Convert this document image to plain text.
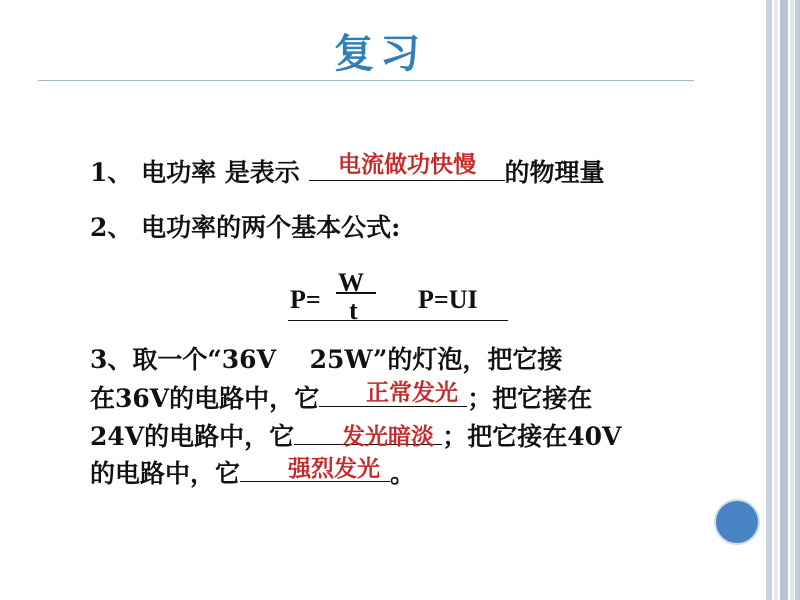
复习
1、 电功率 是表示	的物理量
电流做功快慢
2、 电功率的两个基本公式:
P=
W
t P=UI
3、取一个“36V　 25W”的灯泡，把它接
在36V的电路中，它	；把它接在
正常发光
24V的电路中，它	；把它接在40V
发光暗淡
的电路中，它	。
强烈发光
